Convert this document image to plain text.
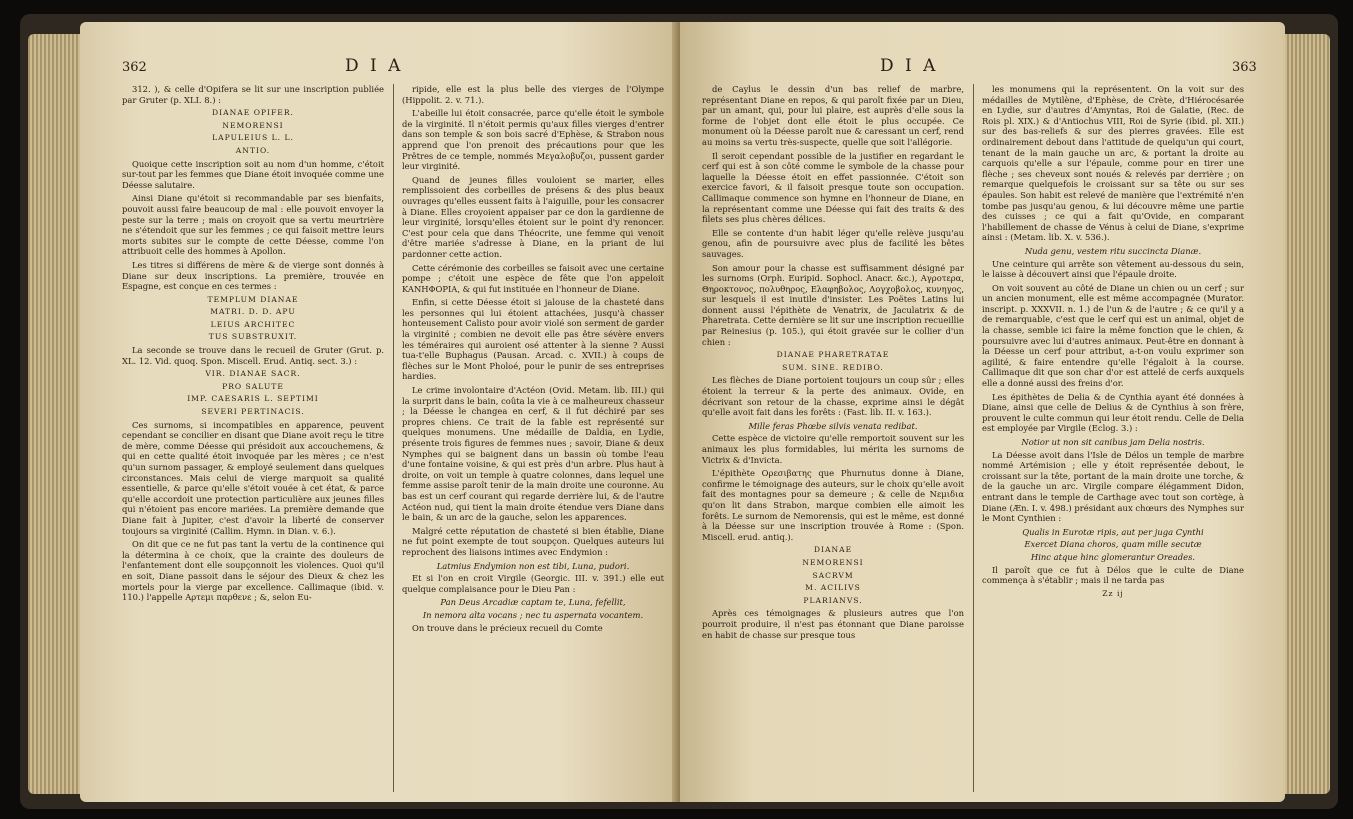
362	D I A

312. ), & celle d'Opifera se lit sur une inscription publiée par Gruter (p. XLI. 8.) :

DIANAE OPIFER.

NEMORENSI

LAPULEIUS L. L.

ANTIO.

Quoique cette inscription soit au nom d'un homme, c'étoit sur-tout par les femmes que Diane étoit invoquée comme une Déesse salutaire.

Ainsi Diane qu'étoit si recommandable par ses bienfaits, pouvoit aussi faire beaucoup de mal : elle pouvoit envoyer la peste sur la terre ; mais on croyoit que sa vertu meurtrière ne s'étendoit que sur les femmes ; ce qui faisoit mettre leurs morts subites sur le compte de cette Déesse, comme l'on attribuoit celle des hommes à Apollon.

Les titres si différens de mère & de vierge sont donnés à Diane sur deux inscriptions. La première, trouvée en Espagne, est conçue en ces termes :

TEMPLUM DIANAE

MATRI. D. D. APU

LEIUS ARCHITEC

TUS SUBSTRUXIT.

La seconde se trouve dans le recueil de Gruter (Grut. p. XL. 12. Vid. quoq. Spon. Miscell. Erud. Antiq. sect. 3.) :

VIR. DIANAE SACR.

PRO SALUTE

IMP. CAESARIS L. SEPTIMI

SEVERI PERTINACIS.

Ces surnoms, si incompatibles en apparence, peuvent cependant se concilier en disant que Diane avoit reçu le titre de mère, comme Déesse qui présidoit aux accouchemens, & qui en cette qualité étoit invoquée par les mères ; ce n'est qu'un surnom passager, & employé seulement dans quelques circonstances. Mais celui de vierge marquoit sa qualité essentielle, & parce qu'elle s'étoit vouée à cet état, & parce qu'elle accordoit une protection particulière aux jeunes filles qui n'étoient pas encore mariées. La première demande que Diane fait à Jupiter, c'est d'avoir la liberté de conserver toujours sa virginité (Callim. Hymn. in Dian. v. 6.).

On dit que ce ne fut pas tant la vertu de la continence qui la détermina à ce choix, que la crainte des douleurs de l'enfantement dont elle soupçonnoit les violences. Quoi qu'il en soit, Diane passoit dans le séjour des Dieux & chez les mortels pour la vierge par excellence. Callimaque (ibid. v. 110.) l'appelle Αρτεμι παρθενε ; &, selon Eu-

ripide, elle est la plus belle des vierges de l'Olympe (Hippolit. 2. v. 71.).

L'abeille lui étoit consacrée, parce qu'elle étoit le symbole de la virginité. Il n'étoit permis qu'aux filles vierges d'entrer dans son temple & son bois sacré d'Ephèse, & Strabon nous apprend que l'on prenoit des précautions pour que les Prêtres de ce temple, nommés Μεγαλοβυζοι, pussent garder leur virginité.

Quand de jeunes filles vouloient se marier, elles remplissoient des corbeilles de présens & des plus beaux ouvrages qu'elles eussent faits à l'aiguille, pour les consacrer à Diane. Elles croyoient appaiser par ce don la gardienne de leur virginité, lorsqu'elles étoient sur le point d'y renoncer. C'est pour cela que dans Théocrite, une femme qui venoit d'être mariée s'adresse à Diane, en la priant de lui pardonner cette action.

Cette cérémonie des corbeilles se faisoit avec une certaine pompe ; c'étoit une espèce de fête que l'on appeloit KANHΦOPIA, & qui fut instituée en l'honneur de Diane.

Enfin, si cette Déesse étoit si jalouse de la chasteté dans les personnes qui lui étoient attachées, jusqu'à chasser honteusement Calisto pour avoir violé son serment de garder la virginité ; combien ne devoit elle pas être sévère envers les téméraires qui auroient osé attenter à la sienne ? Aussi tua-t'elle Buphagus (Pausan. Arcad. c. XVII.) à coups de flèches sur le Mont Pholoé, pour le punir de ses entreprises hardies.

Le crime involontaire d'Actéon (Ovid. Metam. lib. III.) qui la surprit dans le bain, coûta la vie à ce malheureux chasseur ; la Déesse le changea en cerf, & il fut déchiré par ses propres chiens. Ce trait de la fable est représenté sur quelques monumens. Une médaille de Daldia, en Lydie, présente trois figures de femmes nues ; savoir, Diane & deux Nymphes qui se baignent dans un bassin où tombe l'eau d'une fontaine voisine, & qui est près d'un arbre. Plus haut à droite, on voit un temple à quatre colonnes, dans lequel une femme assise paroît tenir de la main droite une couronne. Au bas est un cerf courant qui regarde derrière lui, & de l'autre Actéon nud, qui tient la main droite étendue vers Diane dans le bain, & un arc de la gauche, selon les apparences.

Malgré cette réputation de chasteté si bien établie, Diane ne fut point exempte de tout soupçon. Quelques auteurs lui reprochent des liaisons intimes avec Endymion :

Latmius Endymion non est tibi, Luna, pudori.

Et si l'on en croit Virgile (Georgic. III. v. 391.) elle eut quelque complaisance pour le Dieu Pan :

Pan Deus Arcadiæ captam te, Luna, fefellit,

In nemora alta vocans ; nec tu aspernata vocantem.

On trouve dans le précieux recueil du Comte

D I A	363

de Caylus le dessin d'un bas relief de marbre, représentant Diane en repos, & qui paroît fixée par un Dieu, par un amant, qui, pour lui plaire, est auprès d'elle sous la forme de l'objet dont elle étoit le plus occupée. Ce monument où la Déesse paroît nue & caressant un cerf, rend au moins sa vertu très-suspecte, quelle que soit l'allégorie.

Il seroit cependant possible de la justifier en regardant le cerf qui est à son côté comme le symbole de la chasse pour laquelle la Déesse étoit en effet passionnée. C'étoit son exercice favori, & il faisoit presque toute son occupation. Callimaque commence son hymne en l'honneur de Diane, en la représentant comme une Déesse qui fait des traits & des filets ses plus chères délices.

Elle se contente d'un habit léger qu'elle relève jusqu'au genou, afin de poursuivre avec plus de facilité les bêtes sauvages.

Son amour pour la chasse est suffisamment désigné par les surnoms (Orph. Euripid. Sophocl. Anacr. &c.), Αγροτερα, Θηροκτονος, πολυθηρος, Ελαφηβολος, Λογχοβολος, κυνηγος, sur lesquels il est inutile d'insister. Les Poëtes Latins lui donnent aussi l'épithète de Venatrix, de Jaculatrix & de Pharetrata. Cette dernière se lit sur une inscription recueillie par Reinesius (p. 105.), qui étoit gravée sur le collier d'un chien :

DIANAE PHARETRATAE

SUM. SINE. REDIBO.

Les flèches de Diane portoient toujours un coup sûr ; elles étoient la terreur & la perte des animaux. Ovide, en décrivant son retour de la chasse, exprime ainsi le dégât qu'elle avoit fait dans les forêts : (Fast. lib. II. v. 163.).

Mille feras Phœbe silvis venata redibat.

Cette espèce de victoire qu'elle remportoit souvent sur les animaux les plus formidables, lui mérita les surnoms de Victrix & d'Invicta.

L'épithète Ορεσιβατης que Phurnutus donne à Diane, confirme le témoignage des auteurs, sur le choix qu'elle avoit fait des montagnes pour sa demeure ; & celle de Νεμιδια qu'on lit dans Strabon, marque combien elle aimoit les forêts. Le surnom de Nemorensis, qui est le même, est donné à la Déesse sur une inscription trouvée à Rome : (Spon. Miscell. erud. antiq.).

DIANAE

NEMORENSI

SACRVM

M. ACILIVS

PLARIANVS.

Après ces témoignages & plusieurs autres que l'on pourroit produire, il n'est pas étonnant que Diane paroisse en habit de chasse sur presque tous

les monumens qui la représentent. On la voit sur des médailles de Mytilène, d'Ephèse, de Crète, d'Hiérocésarée en Lydie, sur d'autres d'Amyntas, Roi de Galatie, (Rec. de Rois pl. XIX.) & d'Antiochus VIII, Roi de Syrie (ibid. pl. XII.) sur des bas-reliefs & sur des pierres gravées. Elle est ordinairement debout dans l'attitude de quelqu'un qui court, tenant de la main gauche un arc, & portant la droite au carquois qu'elle a sur l'épaule, comme pour en tirer une flèche ; ses cheveux sont noués & relevés par derrière ; on remarque quelquefois le croissant sur sa tête ou sur ses épaules. Son habit est relevé de manière que l'extrémité n'en tombe pas jusqu'au genou, & lui découvre même une partie des cuisses ; ce qui a fait qu'Ovide, en comparant l'habillement de chasse de Vénus à celui de Diane, s'exprime ainsi : (Metam. lib. X. v. 536.).

Nuda genu, vestem ritu succincta Dianæ.

Une ceinture qui arrête son vêtement au-dessous du sein, le laisse à découvert ainsi que l'épaule droite.

On voit souvent au côté de Diane un chien ou un cerf ; sur un ancien monument, elle est même accompagnée (Murator. inscript. p. XXXVII. n. 1.) de l'un & de l'autre ; & ce qu'il y a de remarquable, c'est que le cerf qui est un animal, objet de la chasse, semble ici faire la même fonction que le chien, & poursuivre avec lui d'autres animaux. Peut-être en donnant à la Déesse un cerf pour attribut, a-t-on voulu exprimer son agilité, & faire entendre qu'elle l'égaloit à la course. Callimaque dit que son char d'or est attelé de cerfs auxquels elle a donné aussi des freins d'or.

Les épithètes de Delia & de Cynthia ayant été données à Diane, ainsi que celle de Delius & de Cynthius à son frère, prouvent le culte commun qui leur étoit rendu. Celle de Delia est employée par Virgile (Eclog. 3.) :

Notior ut non sit canibus jam Delia nostris.

La Déesse avoit dans l'Isle de Délos un temple de marbre nommé Artémision ; elle y étoit représentée debout, le croissant sur la tête, portant de la main droite une torche, & de la gauche un arc. Virgile compare élégamment Didon, entrant dans le temple de Carthage avec tout son cortège, à Diane (Æn. I. v. 498.) présidant aux chœurs des Nymphes sur le Mont Cynthien :

Qualis in Eurotæ ripis, aut per juga Cynthi

Exercet Diana choros, quam mille secutæ

Hinc atque hinc glomerantur Oreades.

Il paroît que ce fut à Délos que le culte de Diane commença à s'établir ; mais il ne tarda pas

Zz ij
